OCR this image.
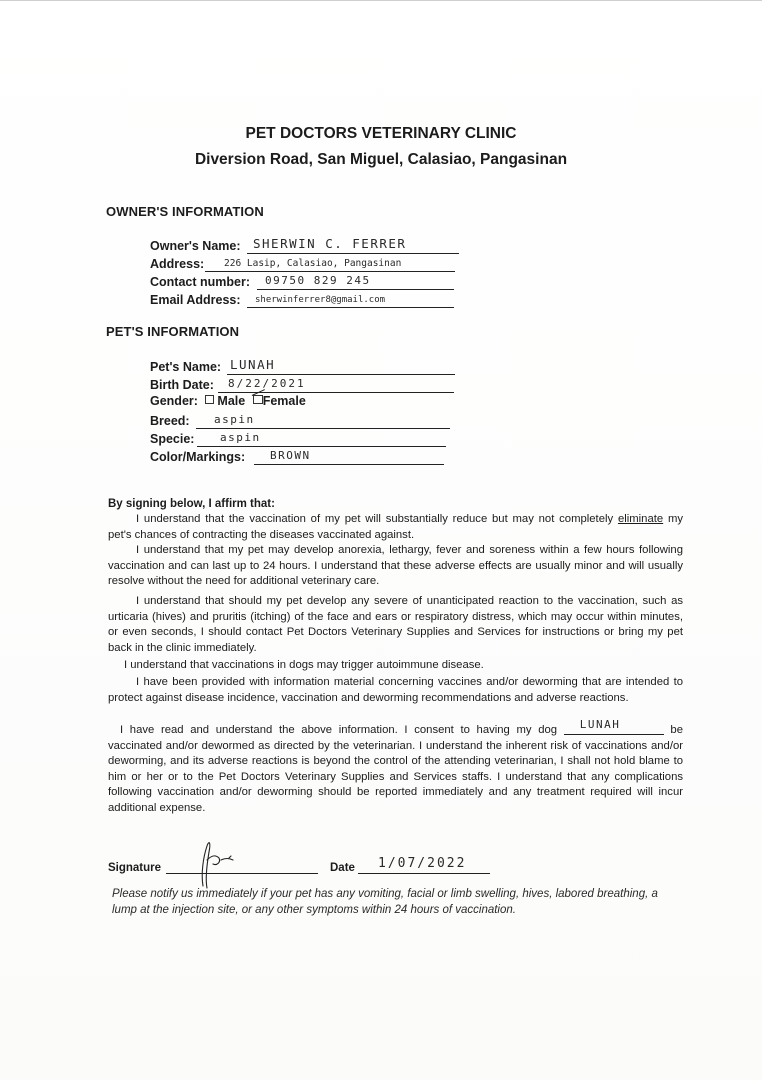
PET DOCTORS VETERINARY CLINIC
Diversion Road, San Miguel, Calasiao, Pangasinan
OWNER'S INFORMATION
Owner's Name: SHERWIN C. FERRER
Address: 226 Lasip, Calasiao, Pangasinan
Contact number: 09750 829 245
Email Address: sherwinferrer8@gmail.com
PET'S INFORMATION
Pet's Name: LUNAH
Birth Date: 8/22/2021
Gender: Male Female
Breed: aspin
Specie: aspin
Color/Markings: BROWN
By signing below, I affirm that:
I understand that the vaccination of my pet will substantially reduce but may not completely eliminate my pet's chances of contracting the diseases vaccinated against.
I understand that my pet may develop anorexia, lethargy, fever and soreness within a few hours following vaccination and can last up to 24 hours. I understand that these adverse effects are usually minor and will usually resolve without the need for additional veterinary care.
I understand that should my pet develop any severe of unanticipated reaction to the vaccination, such as urticaria (hives) and pruritis (itching) of the face and ears or respiratory distress, which may occur within minutes, or even seconds, I should contact Pet Doctors Veterinary Supplies and Services for instructions or bring my pet back in the clinic immediately.
I understand that vaccinations in dogs may trigger autoimmune disease.
I have been provided with information material concerning vaccines and/or deworming that are intended to protect against disease incidence, vaccination and deworming recommendations and adverse reactions.
I have read and understand the above information. I consent to having my dog LUNAH	be vaccinated and/or dewormed as directed by the veterinarian. I understand the inherent risk of vaccinations and/or deworming, and its adverse reactions is beyond the control of the attending veterinarian, I shall not hold blame to him or her or to the Pet Doctors Veterinary Supplies and Services staffs. I understand that any complications following vaccination and/or deworming should be reported immediately and any treatment required will incur additional expense.
Signature	Date 1/07/2022
Please notify us immediately if your pet has any vomiting, facial or limb swelling, hives, labored breathing, a lump at the injection site, or any other symptoms within 24 hours of vaccination.
